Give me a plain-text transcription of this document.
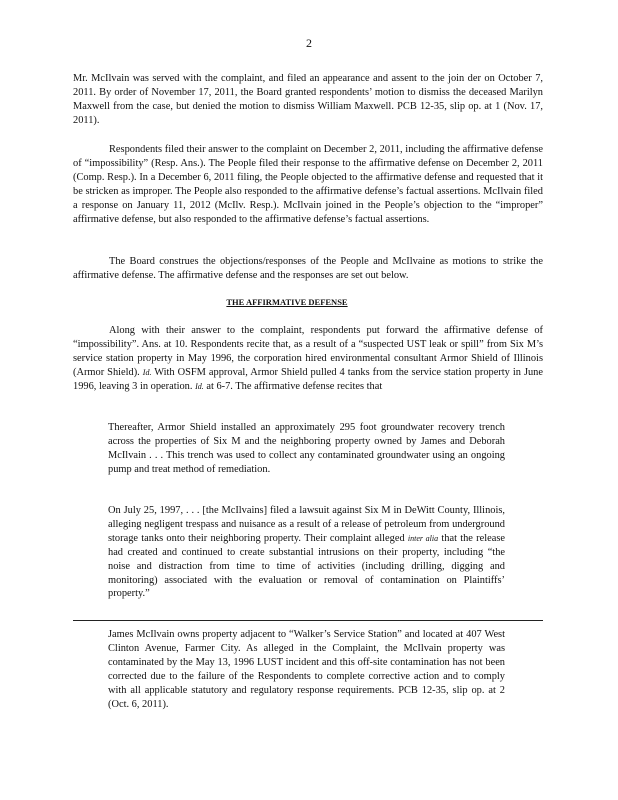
2

Mr. McIlvain was served with the complaint, and filed an appearance and assent to the join der on October 7, 2011. By order of November 17, 2011, the Board granted respondents’ motion to dismiss the deceased Marilyn Maxwell from the case, but denied the motion to dismiss William Maxwell. PCB 12-35, slip op. at 1 (Nov. 17, 2011).

Respondents filed their answer to the complaint on December 2, 2011, including the affirmative defense of “impossibility” (Resp. Ans.). The People filed their response to the affirmative defense on December 2, 2011 (Comp. Resp.). In a December 6, 2011 filing, the People objected to the affirmative defense and requested that it be stricken as improper. The People also responded to the affirmative defense’s factual assertions. McIlvain filed a response on January 11, 2012 (McIlv. Resp.). McIlvain joined in the People’s objection to the “improper” affirmative defense, but also responded to the affirmative defense’s factual assertions.

The Board construes the objections/responses of the People and McIlvaine as motions to strike the affirmative defense. The affirmative defense and the responses are set out below.

THE AFFIRMATIVE DEFENSE

Along with their answer to the complaint, respondents put forward the affirmative defense of “impossibility”. Ans. at 10. Respondents recite that, as a result of a “suspected UST leak or spill” from Six M’s service station property in May 1996, the corporation hired environmental consultant Armor Shield of Illinois (Armor Shield). Id. With OSFM approval, Armor Shield pulled 4 tanks from the service station property in June 1996, leaving 3 in operation. Id. at 6-7. The affirmative defense recites that

Thereafter, Armor Shield installed an approximately 295 foot groundwater recovery trench across the properties of Six M and the neighboring property owned by James and Deborah McIlvain . . . This trench was used to collect any contaminated groundwater using an ongoing pump and treat method of remediation.

On July 25, 1997, . . . [the McIlvains] filed a lawsuit against Six M in DeWitt County, Illinois, alleging negligent trespass and nuisance as a result of a release of petroleum from underground storage tanks onto their neighboring property. Their complaint alleged inter alia that the release had created and continued to create substantial intrusions on their property, including “the noise and distraction from time to time of activities (including drilling, digging and monitoring) associated with the evaluation or removal of contamination on Plaintiffs’ property.”

James McIlvain owns property adjacent to “Walker’s Service Station” and located at 407 West Clinton Avenue, Farmer City. As alleged in the Complaint, the McIlvain property was contaminated by the May 13, 1996 LUST incident and this off-site contamination has not been corrected due to the failure of the Respondents to complete corrective action and to comply with all applicable statutory and regulatory response requirements. PCB 12-35, slip op. at 2 (Oct. 6, 2011).
